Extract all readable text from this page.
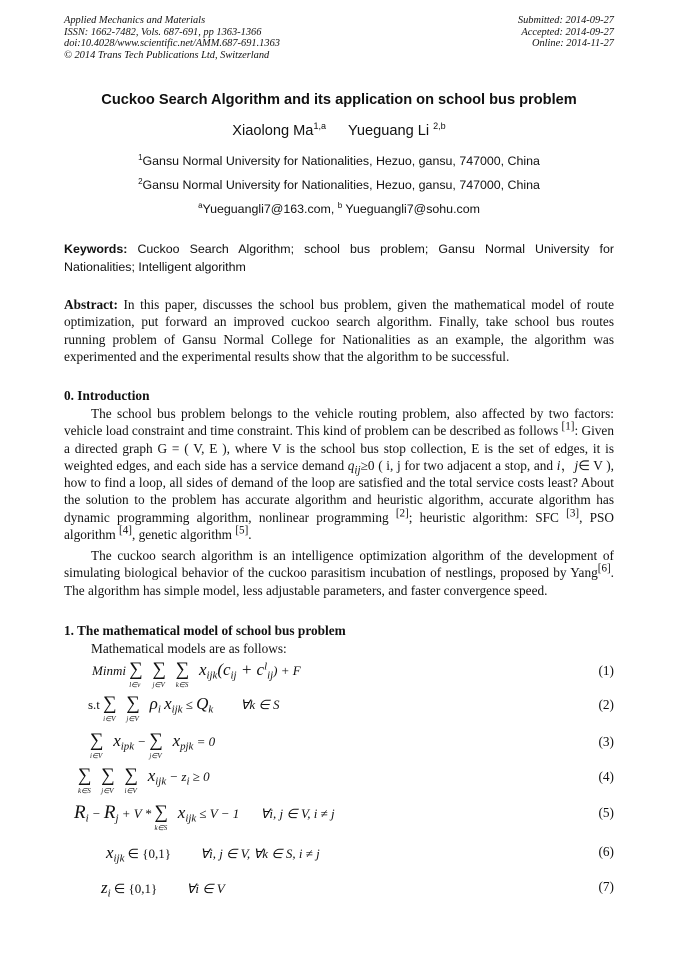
Applied Mechanics and Materials
ISSN: 1662-7482, Vols. 687-691, pp 1363-1366
doi:10.4028/www.scientific.net/AMM.687-691.1363
© 2014 Trans Tech Publications Ltd, Switzerland
Submitted: 2014-09-27
Accepted: 2014-09-27
Online: 2014-11-27
Cuckoo Search Algorithm and its application on school bus problem
Xiaolong Ma$^{1,a}$ Yueguang Li $^{2,b}$
$^1$Gansu Normal University for Nationalities, Hezuo, gansu, 747000, China
$^2$Gansu Normal University for Nationalities, Hezuo, gansu, 747000, China
$^a$Yueguangli7@163.com, $^b$ Yueguangli7@sohu.com
Keywords: Cuckoo Search Algorithm; school bus problem; Gansu Normal University for Nationalities; Intelligent algorithm
Abstract: In this paper, discusses the school bus problem, given the mathematical model of route optimization, put forward an improved cuckoo search algorithm. Finally, take school bus routes running problem of Gansu Normal College for Nationalities as an example, the algorithm was experimented and the experimental results show that the algorithm to be successful.
0. Introduction
The school bus problem belongs to the vehicle routing problem, also affected by two factors: vehicle load constraint and time constraint. This kind of problem can be described as follows [1]: Given a directed graph G = ( V, E ), where V is the school bus stop collection, E is the set of edges, it is weighted edges, and each side has a service demand $q_{ij}\ge 0$ ( i, j for two adjacent a stop, and i，j∈ V ), how to find a loop, all sides of demand of the loop are satisfied and the total service costs least? About the solution to the problem has accurate algorithm and heuristic algorithm, accurate algorithm has dynamic programming algorithm, nonlinear programming [2]; heuristic algorithm: SFC [3], PSO algorithm [4], genetic algorithm [5].
The cuckoo search algorithm is an intelligence optimization algorithm of the development of simulating biological behavior of the cuckoo parasitism incubation of nestlings, proposed by Yang[6]. The algorithm has simple model, less adjustable parameters, and faster convergence speed.
1. The mathematical model of school bus problem
Mathematical models are as follows:
Minmi ∑
l∈v
∑
j∈V
∑
k∈S
$x_{ijk}(c_{ij} + c^l_{ij}) + F$	(1)
s.t ∑
i∈V
∑
j∈V
$\rho_i$ $x_{ijk} \le Q_k$ ∀k ∈ S	(2)
∑
i∈V
$x_{ipk}$ − ∑
j∈V
$x_{pjk} = 0$	(3)
∑
k∈S
∑
j∈V
∑
i∈V
$x_{ijk} - z_i \ge 0$	(4)
$R_i - R_j + V$ * ∑
k∈S
$x_{ijk} \le V - 1$ ∀i, j ∈ V, i ≠ j	(5)
$x_{ijk}$ ∈ {0,1} ∀i, j ∈ V, ∀k ∈ S, i ≠ j	(6)
$z_i$ ∈ {0,1} ∀i ∈ V	(7)
